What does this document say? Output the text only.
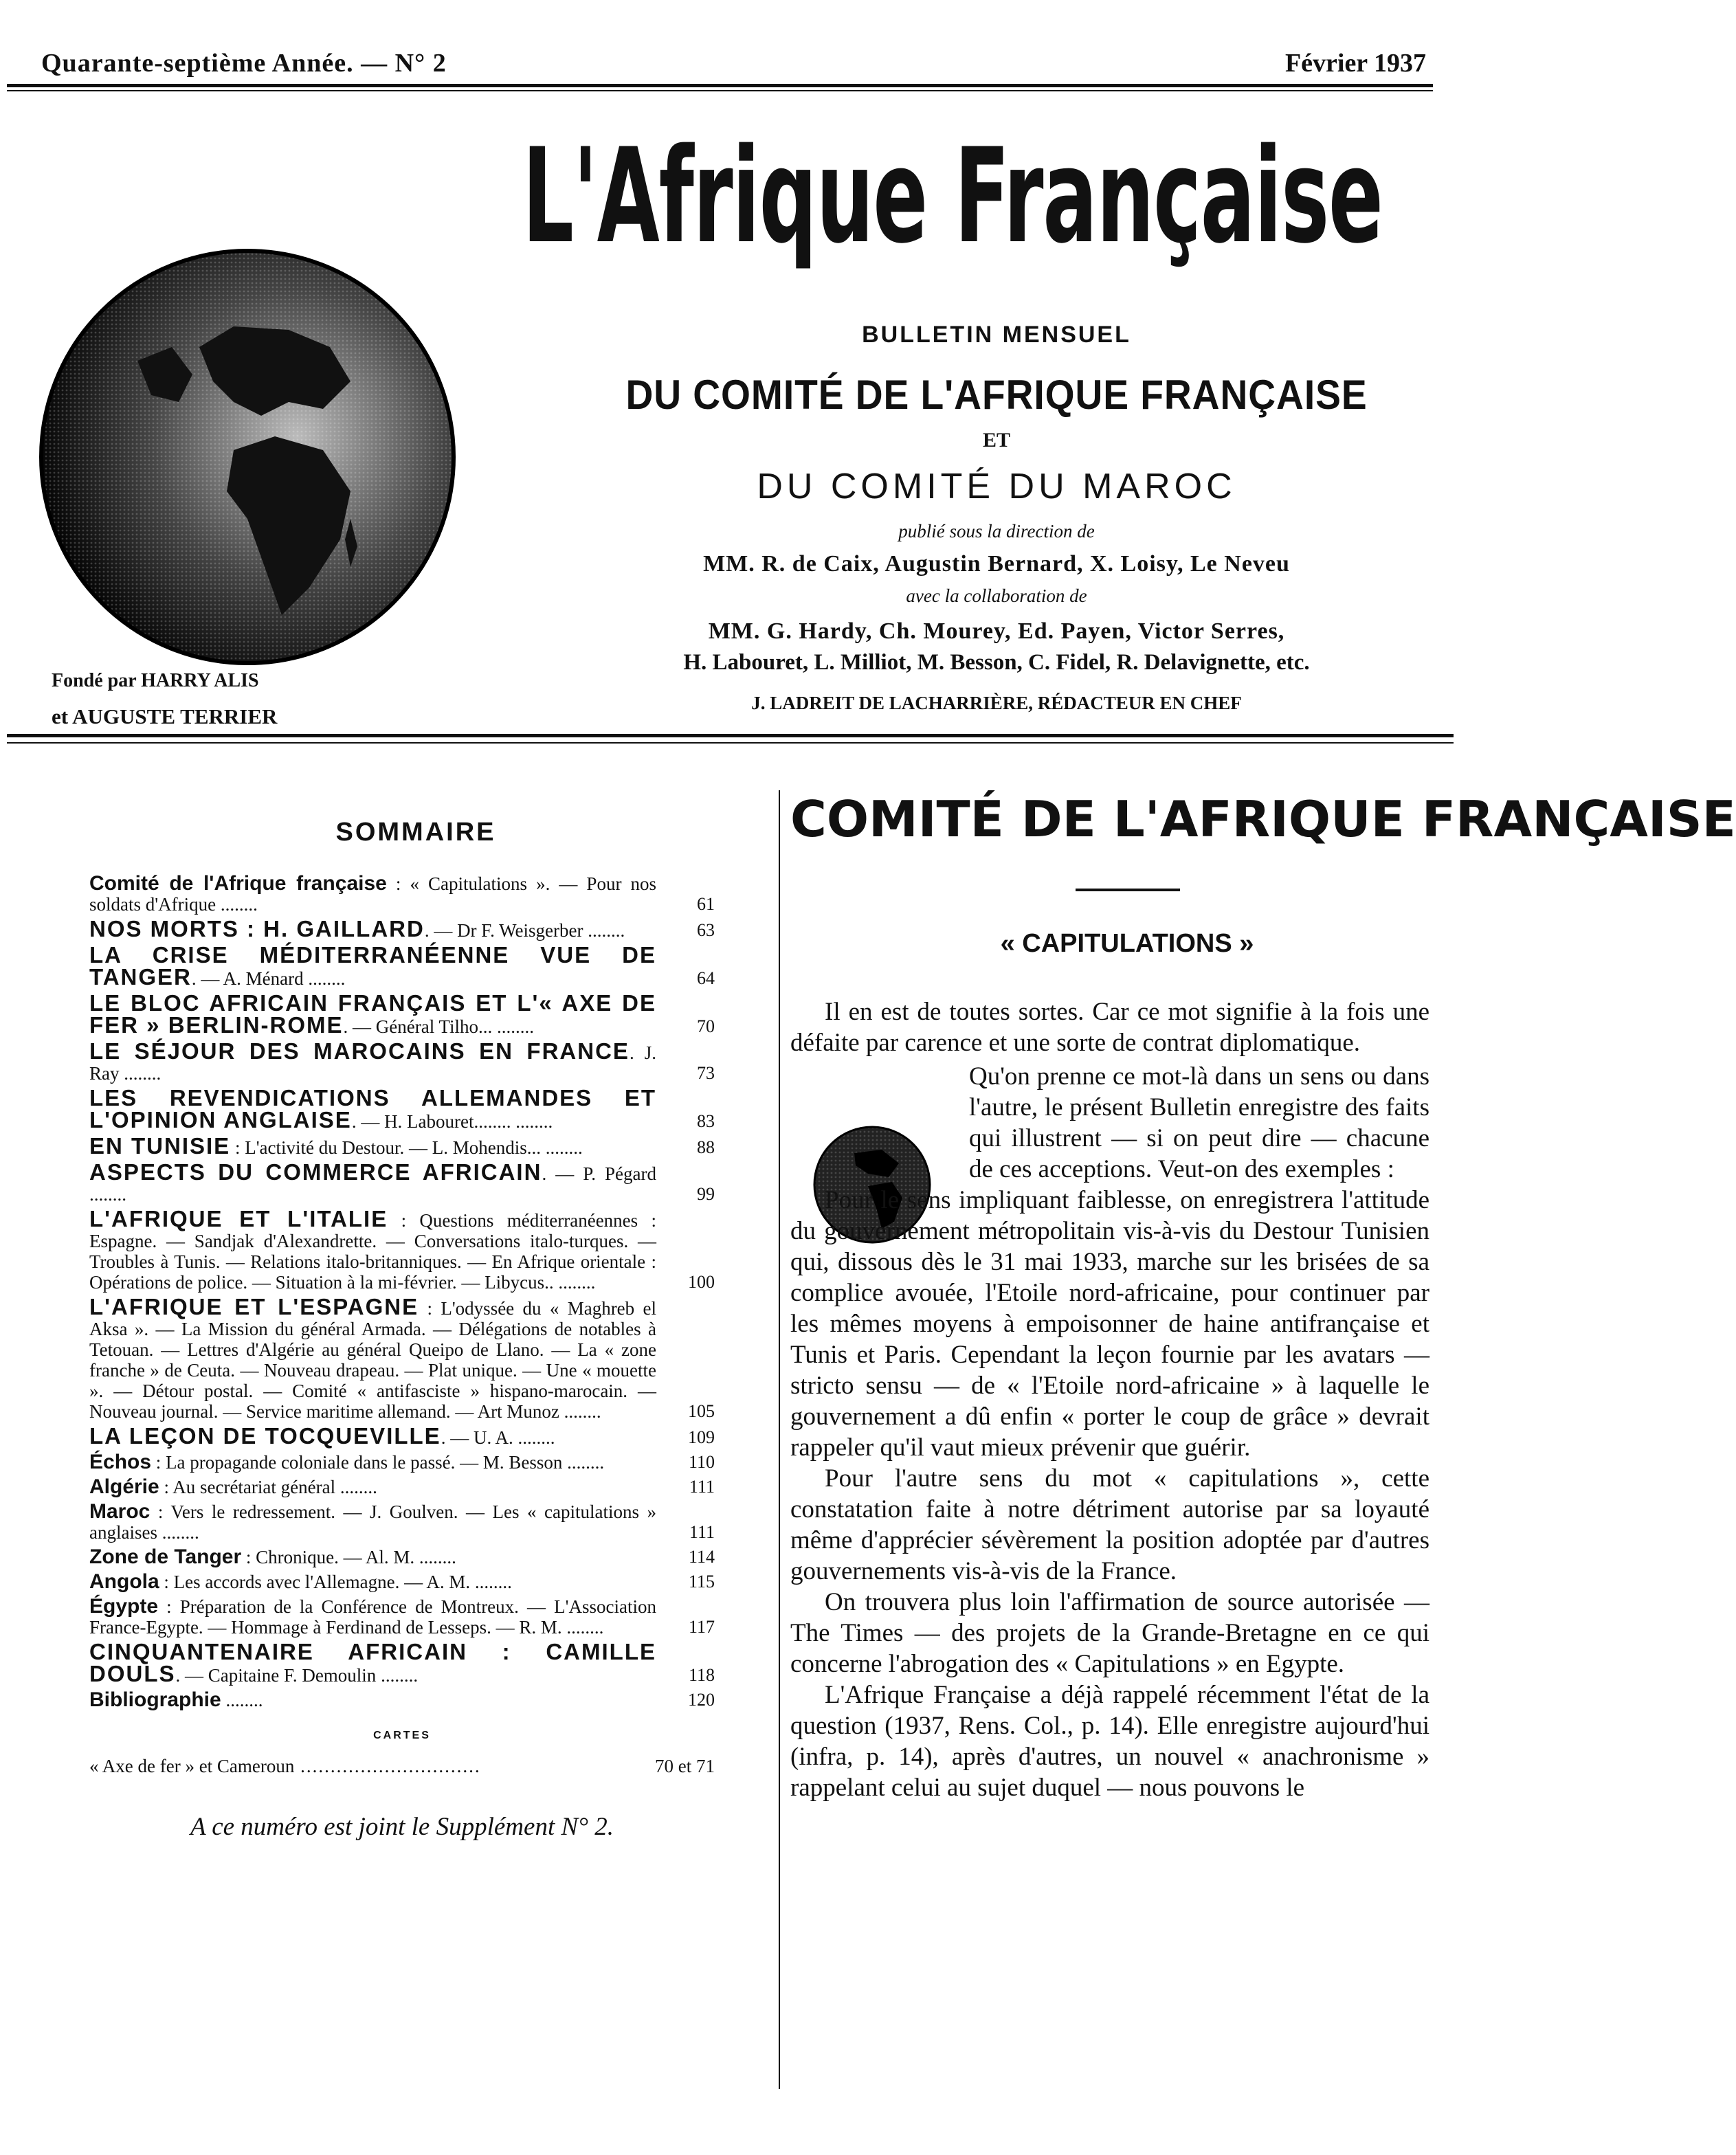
Quarante-septième Année. — N° 2	Février 1937
L'Afrique Française
BULLETIN MENSUEL
DU COMITÉ DE L'AFRIQUE FRANÇAISE
ET
DU COMITÉ DU MAROC
publié sous la direction de
MM. R. de Caix, Augustin Bernard, X. Loisy, Le Neveu
avec la collaboration de
MM. G. Hardy, Ch. Mourey, Ed. Payen, Victor Serres,
H. Labouret, L. Milliot, M. Besson, C. Fidel, R. Delavignette, etc.
J. LADREIT DE LACHARRIÈRE, RÉDACTEUR EN CHEF
Fondé par HARRY ALIS
et AUGUSTE TERRIER
SOMMAIRE

Comité de l'Afrique française : « Capitulations ». — Pour nos soldats d'Afrique ........	61

NOS MORTS : H. GAILLARD. — Dr F. Weisgerber ........	63

LA CRISE MÉDITERRANÉENNE VUE DE TANGER. — A. Ménard ........	64

LE BLOC AFRICAIN FRANÇAIS ET L'« AXE DE FER » BERLIN-ROME. — Général Tilho... ........	70

LE SÉJOUR DES MAROCAINS EN FRANCE. J. Ray ........	73

LES REVENDICATIONS ALLEMANDES ET L'OPINION ANGLAISE. — H. Labouret........ ........	83

EN TUNISIE : L'activité du Destour. — L. Mohendis... ........	88

ASPECTS DU COMMERCE AFRICAIN. — P. Pégard ........	99

L'AFRIQUE ET L'ITALIE : Questions méditerranéennes : Espagne. — Sandjak d'Alexandrette. — Conversations italo-turques. — Troubles à Tunis. — Relations italo-britanniques. — En Afrique orientale : Opérations de police. — Situation à la mi-février. — Libycus.. ........	100

L'AFRIQUE ET L'ESPAGNE : L'odyssée du « Maghreb el Aksa ». — La Mission du général Armada. — Délégations de notables à Tetouan. — Lettres d'Algérie au général Queipo de Llano. — La « zone franche » de Ceuta. — Nouveau drapeau. — Plat unique. — Une « mouette ». — Détour postal. — Comité « antifasciste » hispano-marocain. — Nouveau journal. — Service maritime allemand. — Art Munoz ........	105

LA LEÇON DE TOCQUEVILLE. — U. A. ........	109

Échos : La propagande coloniale dans le passé. — M. Besson ........	110

Algérie : Au secrétariat général ........	111

Maroc : Vers le redressement. — J. Goulven. — Les « capitulations » anglaises ........	111

Zone de Tanger : Chronique. — Al. M. ........	114

Angola : Les accords avec l'Allemagne. — A. M. ........	115

Égypte : Préparation de la Conférence de Montreux. — L'Association France-Egypte. — Hommage à Ferdinand de Lesseps. — R. M. ........	117

CINQUANTENAIRE AFRICAIN : CAMILLE DOULS. — Capitaine F. Demoulin ........	118

Bibliographie ........	120

CARTES
« Axe de fer » et Cameroun ..............................	70 et 71
A ce numéro est joint le Supplément N° 2.
COMITÉ DE L'AFRIQUE FRANÇAISE
« CAPITULATIONS »

Il en est de toutes sortes. Car ce mot signifie à la fois une défaite par carence et une sorte de contrat diplomatique.

Qu'on prenne ce mot-là dans un sens ou dans l'autre, le présent Bulletin enregistre des faits qui illustrent — si on peut dire — chacune de ces acceptions. Veut-on des exemples :

Pour le sens impliquant faiblesse, on enregistrera l'attitude du gouvernement métropolitain vis-à-vis du Destour Tunisien qui, dissous dès le 31 mai 1933, marche sur les brisées de sa complice avouée, l'Etoile nord-africaine, pour continuer par les mêmes moyens à empoisonner de haine antifrançaise et Tunis et Paris. Cependant la leçon fournie par les avatars — stricto sensu — de « l'Etoile nord-africaine » à laquelle le gouvernement a dû enfin « porter le coup de grâce » devrait rappeler qu'il vaut mieux prévenir que guérir.

Pour l'autre sens du mot « capitulations », cette constatation faite à notre détriment autorise par sa loyauté même d'apprécier sévèrement la position adoptée par d'autres gouvernements vis-à-vis de la France.

On trouvera plus loin l'affirmation de source autorisée — The Times — des projets de la Grande-Bretagne en ce qui concerne l'abrogation des « Capitulations » en Egypte.

L'Afrique Française a déjà rappelé récemment l'état de la question (1937, Rens. Col., p. 14). Elle enregistre aujourd'hui (infra, p. 14), après d'autres, un nouvel « anachronisme » rappelant celui au sujet duquel — nous pouvons le
